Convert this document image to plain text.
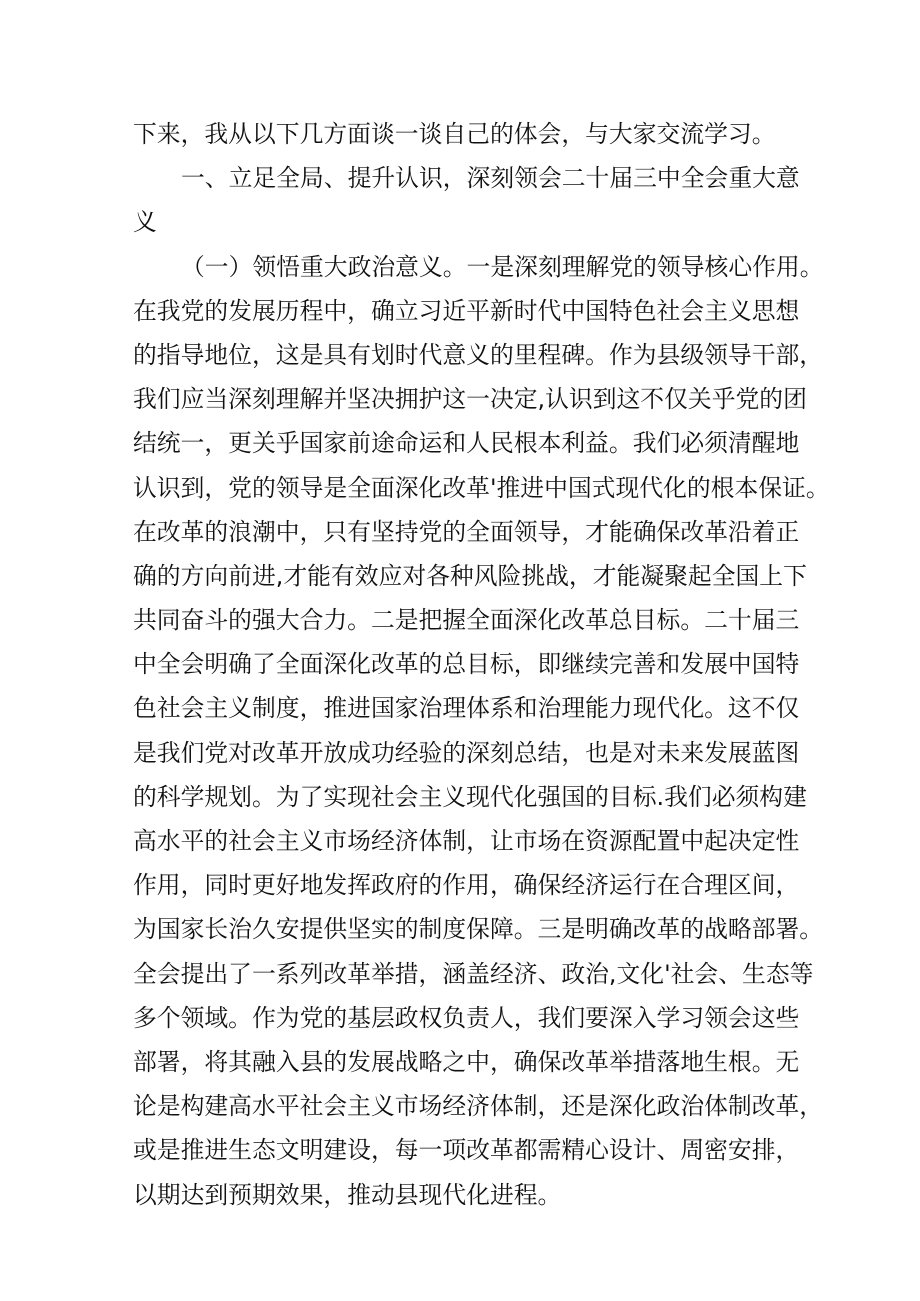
下来，我从以下几方面谈一谈自己的体会，与大家交流学习。
一、立足全局、提升认识，深刻领会二十届三中全会重大意
义
（一）领悟重大政治意义。一是深刻理解党的领导核心作用。
在我党的发展历程中，确立习近平新时代中国特色社会主义思想
的指导地位，这是具有划时代意义的里程碑。作为县级领导干部，
我们应当深刻理解并坚决拥护这一决定,认识到这不仅关乎党的团
结统一，更关乎国家前途命运和人民根本利益。我们必须清醒地
认识到，党的领导是全面深化改革'推进中国式现代化的根本保证。
在改革的浪潮中，只有坚持党的全面领导，才能确保改革沿着正
确的方向前进,才能有效应对各种风险挑战，才能凝聚起全国上下
共同奋斗的强大合力。二是把握全面深化改革总目标。二十届三
中全会明确了全面深化改革的总目标，即继续完善和发展中国特
色社会主义制度，推进国家治理体系和治理能力现代化。这不仅
是我们党对改革开放成功经验的深刻总结，也是对未来发展蓝图
的科学规划。为了实现社会主义现代化强国的目标.我们必须构建
高水平的社会主义市场经济体制，让市场在资源配置中起决定性
作用，同时更好地发挥政府的作用，确保经济运行在合理区间，
为国家长治久安提供坚实的制度保障。三是明确改革的战略部署。
全会提出了一系列改革举措，涵盖经济、政治,文化'社会、生态等
多个领域。作为党的基层政权负责人，我们要深入学习领会这些
部署，将其融入县的发展战略之中，确保改革举措落地生根。无
论是构建高水平社会主义市场经济体制，还是深化政治体制改革，
或是推进生态文明建设，每一项改革都需精心设计、周密安排，
以期达到预期效果，推动县现代化进程。
